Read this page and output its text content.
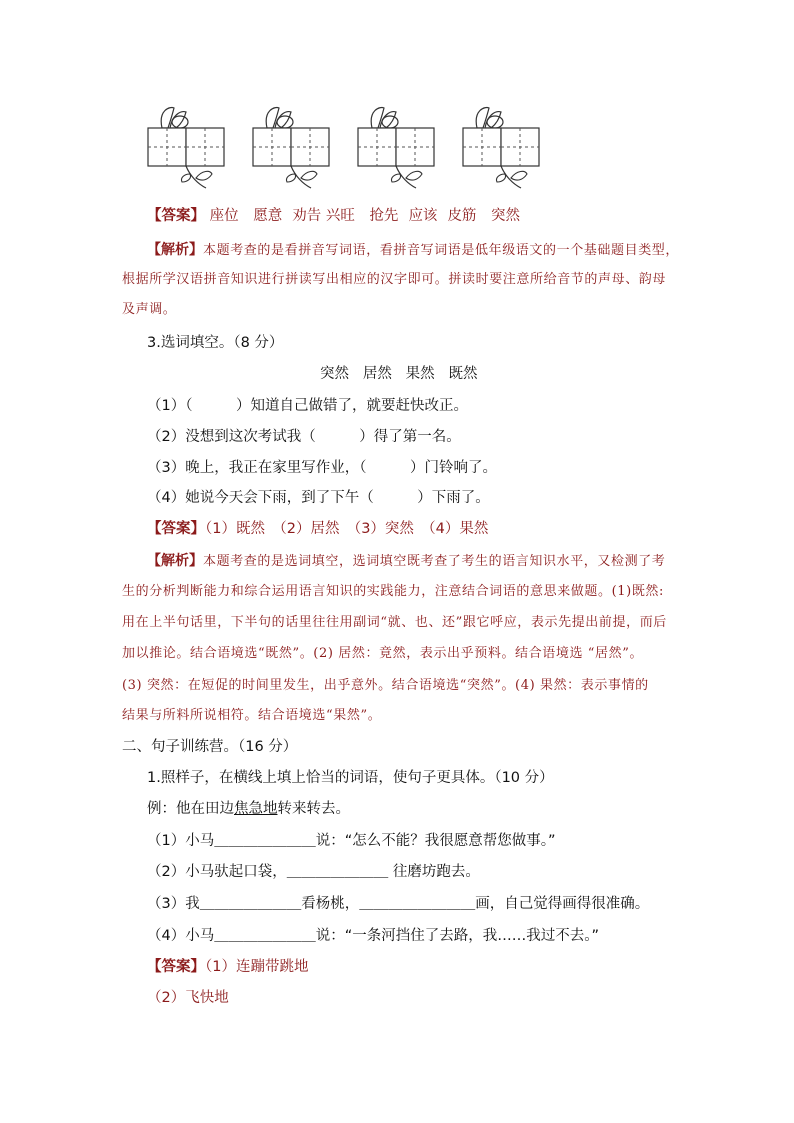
【答案】 座位 愿意 劝告 兴旺 抢先 应该 皮筋 突然
【解析】本题考查的是看拼音写词语，看拼音写词语是低年级语文的一个基础题目类型，
根据所学汉语拼音知识进行拼读写出相应的汉字即可。拼读时要注意所给音节的声母、韵母
及声调。
3.选词填空。（8 分）
突然 居然 果然 既然
（1）（　　　）知道自己做错了，就要赶快改正。
（2）没想到这次考试我（　　　）得了第一名。
（3）晚上，我正在家里写作业，（　　　）门铃响了。
（4）她说今天会下雨，到了下午（　　　）下雨了。
【答案】（1）既然　（2）居然　（3）突然　（4）果然
【解析】本题考查的是选词填空，选词填空既考查了考生的语言知识水平，又检测了考
生的分析判断能力和综合运用语言知识的实践能力，注意结合词语的意思来做题。(1)既然:
用在上半句话里，下半句的话里往往用副词“就、也、还”跟它呼应，表示先提出前提，而后
加以推论。结合语境选“既然”。(2) 居然：竟然，表示出乎预料。结合语境选 “居然”。
(3) 突然：在短促的时间里发生，出乎意外。结合语境选“突然”。(4) 果然：表示事情的
结果与所料所说相符。结合语境选“果然”。
二、句子训练营。（16 分）
1.照样子，在横线上填上恰当的词语，使句子更具体。（10 分）
例：他在田边焦急地转来转去。
（1）小马＿＿＿＿＿＿＿说：“怎么不能？我很愿意帮您做事。”
（2）小马驮起口袋，＿＿＿＿＿＿＿ 往磨坊跑去。
（3）我＿＿＿＿＿＿＿看杨桃，＿＿＿＿＿＿＿＿画，自己觉得画得很准确。
（4）小马＿＿＿＿＿＿＿说：“一条河挡住了去路，我……我过不去。”
【答案】（1）连蹦带跳地
（2）飞快地
